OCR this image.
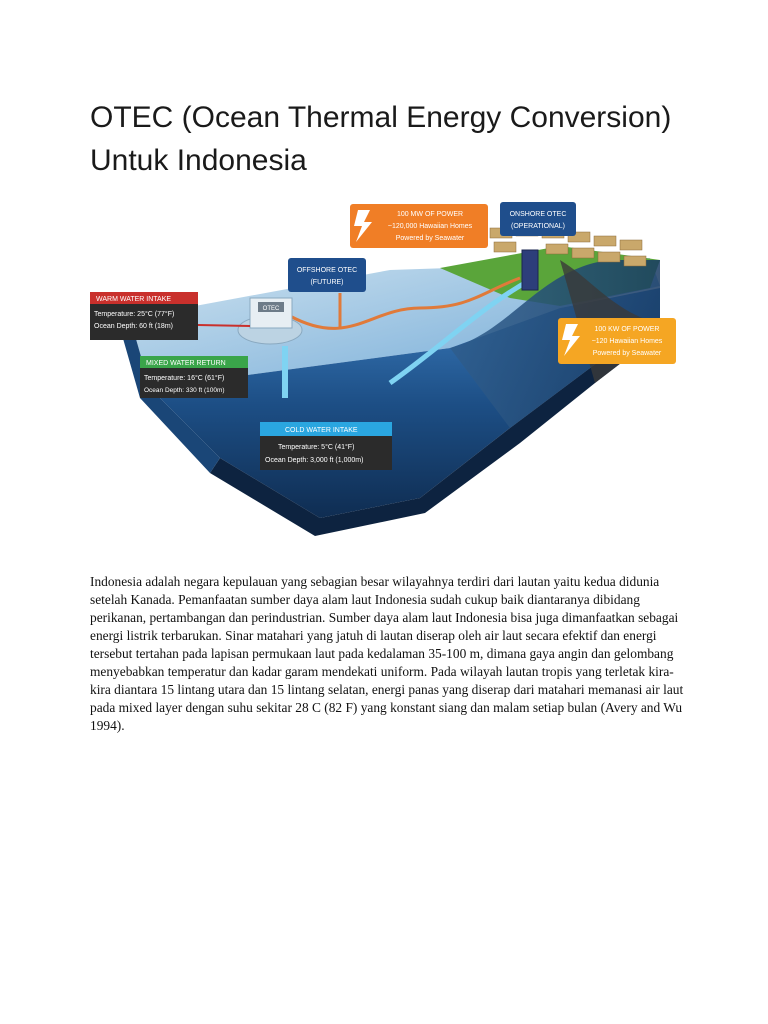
OTEC (Ocean Thermal Energy Conversion) Untuk Indonesia
OTEC
WARM WATER INTAKE
Temperature: 25°C (77°F)
Ocean Depth: 60 ft (18m)
MIXED WATER RETURN
Temperature: 16°C (61°F)
Ocean Depth: 330 ft (100m)
COLD WATER INTAKE
Temperature: 5°C (41°F)
Ocean Depth: 3,000 ft (1,000m)
OFFSHORE OTEC
(FUTURE)
ONSHORE OTEC
(OPERATIONAL)
100 MW OF POWER
~120,000 Hawaiian Homes
Powered by Seawater
100 KW OF POWER
~120 Hawaiian Homes
Powered by Seawater

Indonesia adalah negara kepulauan yang sebagian besar wilayahnya terdiri dari lautan yaitu kedua didunia setelah Kanada. Pemanfaatan sumber daya alam laut Indonesia sudah cukup baik diantaranya dibidang perikanan, pertambangan dan perindustrian. Sumber daya alam laut Indonesia bisa juga dimanfaatkan sebagai energi listrik terbarukan. Sinar matahari yang jatuh di lautan diserap oleh air laut secara efektif dan energi tersebut tertahan pada lapisan permukaan laut pada kedalaman 35-100 m, dimana gaya angin dan gelombang menyebabkan temperatur dan kadar garam mendekati uniform. Pada wilayah lautan tropis yang terletak kira-kira diantara 15 lintang utara dan 15 lintang selatan, energi panas yang diserap dari matahari memanasi air laut pada mixed layer dengan suhu sekitar 28 C (82 F) yang konstant siang dan malam setiap bulan (Avery and Wu 1994).
